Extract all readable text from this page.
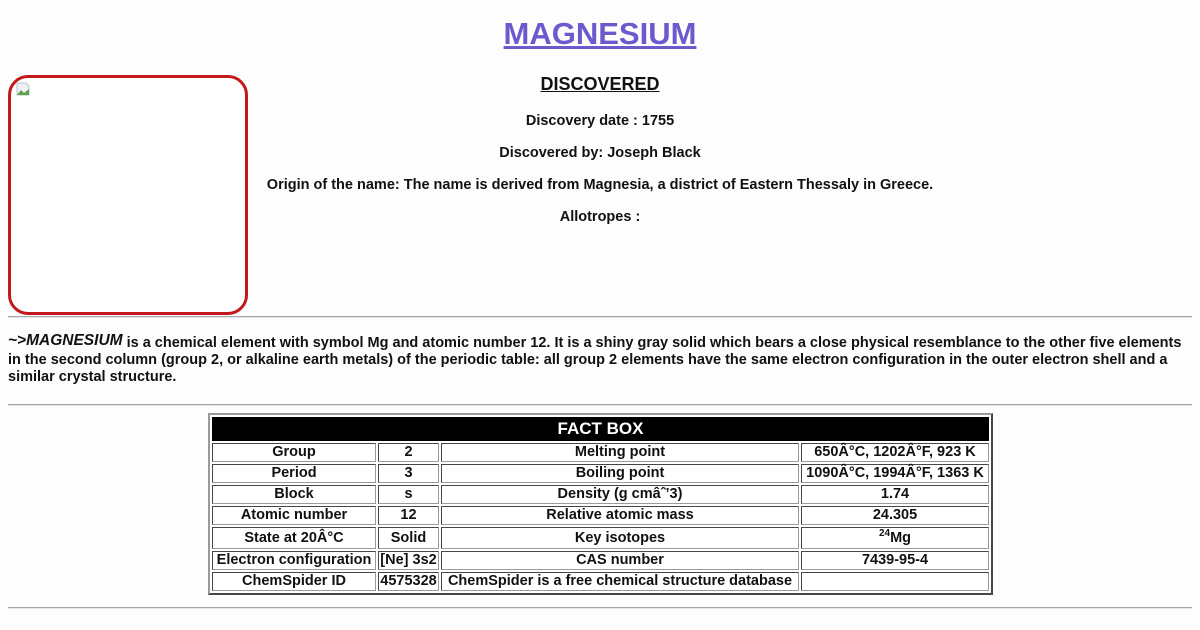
MAGNESIUM
DISCOVERED
Discovery date : 1755
Discovered by: Joseph Black
Origin of the name: The name is derived from Magnesia, a district of Eastern Thessaly in Greece.
Allotropes :
~>MAGNESIUM is a chemical element with symbol Mg and atomic number 12. It is a shiny gray solid which bears a close physical resemblance to the other five elements in the second column (group 2, or alkaline earth metals) of the periodic table: all group 2 elements have the same electron configuration in the outer electron shell and a similar crystal structure.
FACT BOX			
Group	2	Melting point	650Â°C, 1202Â°F, 923 K
Period	3	Boiling point	1090Â°C, 1994Â°F, 1363 K
Block	s	Density (g cmâˆ’3)	1.74
Atomic number	12	Relative atomic mass	24.305
State at 20Â°C	Solid	Key isotopes	$^{24}$Mg
Electron configuration	[Ne] 3s2	CAS number	7439-95-4
ChemSpider ID	4575328	ChemSpider is a free chemical structure database	
